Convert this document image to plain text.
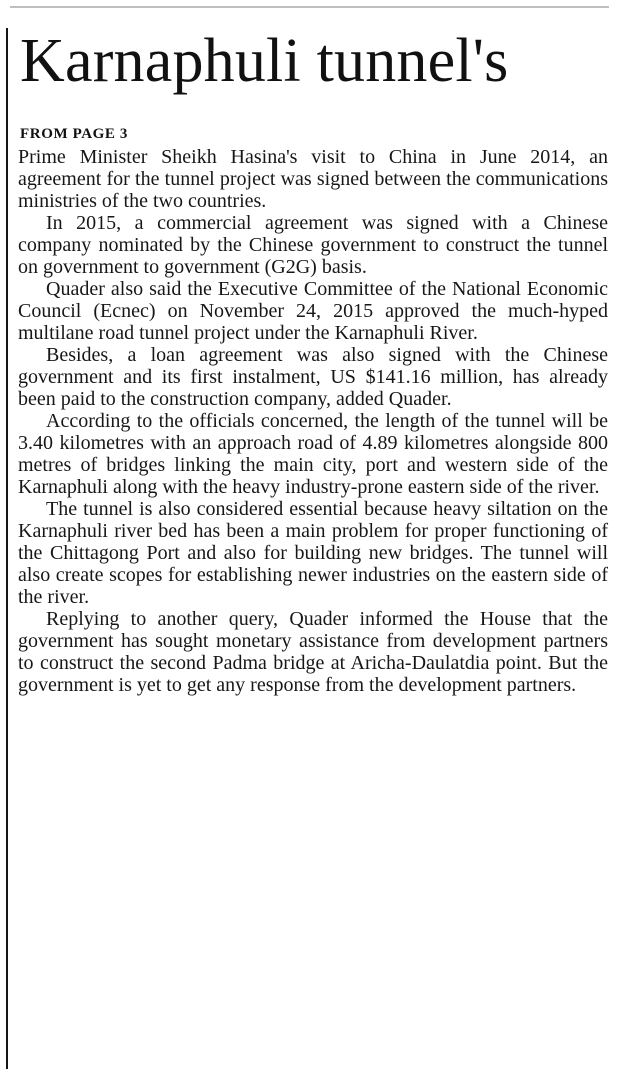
Karnaphuli tunnel's
FROM PAGE 3

Prime Minister Sheikh Hasina's visit to China in June 2014, an agreement for the tunnel project was signed between the communications ministries of the two countries.

In 2015, a commercial agreement was signed with a Chinese company nominated by the Chinese government to construct the tunnel on government to government (G2G) basis.

Quader also said the Executive Committee of the National Economic Council (Ecnec) on November 24, 2015 approved the much-hyped multilane road tunnel project under the Karnaphuli River.

Besides, a loan agreement was also signed with the Chinese government and its first instalment, US $141.16 million, has already been paid to the construction company, added Quader.

According to the officials concerned, the length of the tunnel will be 3.40 kilometres with an approach road of 4.89 kilometres alongside 800 metres of bridges linking the main city, port and western side of the Karnaphuli along with the heavy industry-prone eastern side of the river.

The tunnel is also considered essential because heavy siltation on the Karnaphuli river bed has been a main problem for proper functioning of the Chittagong Port and also for building new bridges. The tunnel will also create scopes for establishing newer industries on the eastern side of the river.

Replying to another query, Quader informed the House that the government has sought monetary assistance from development partners to construct the second Padma bridge at Aricha-Daulatdia point. But the government is yet to get any response from the development partners.
